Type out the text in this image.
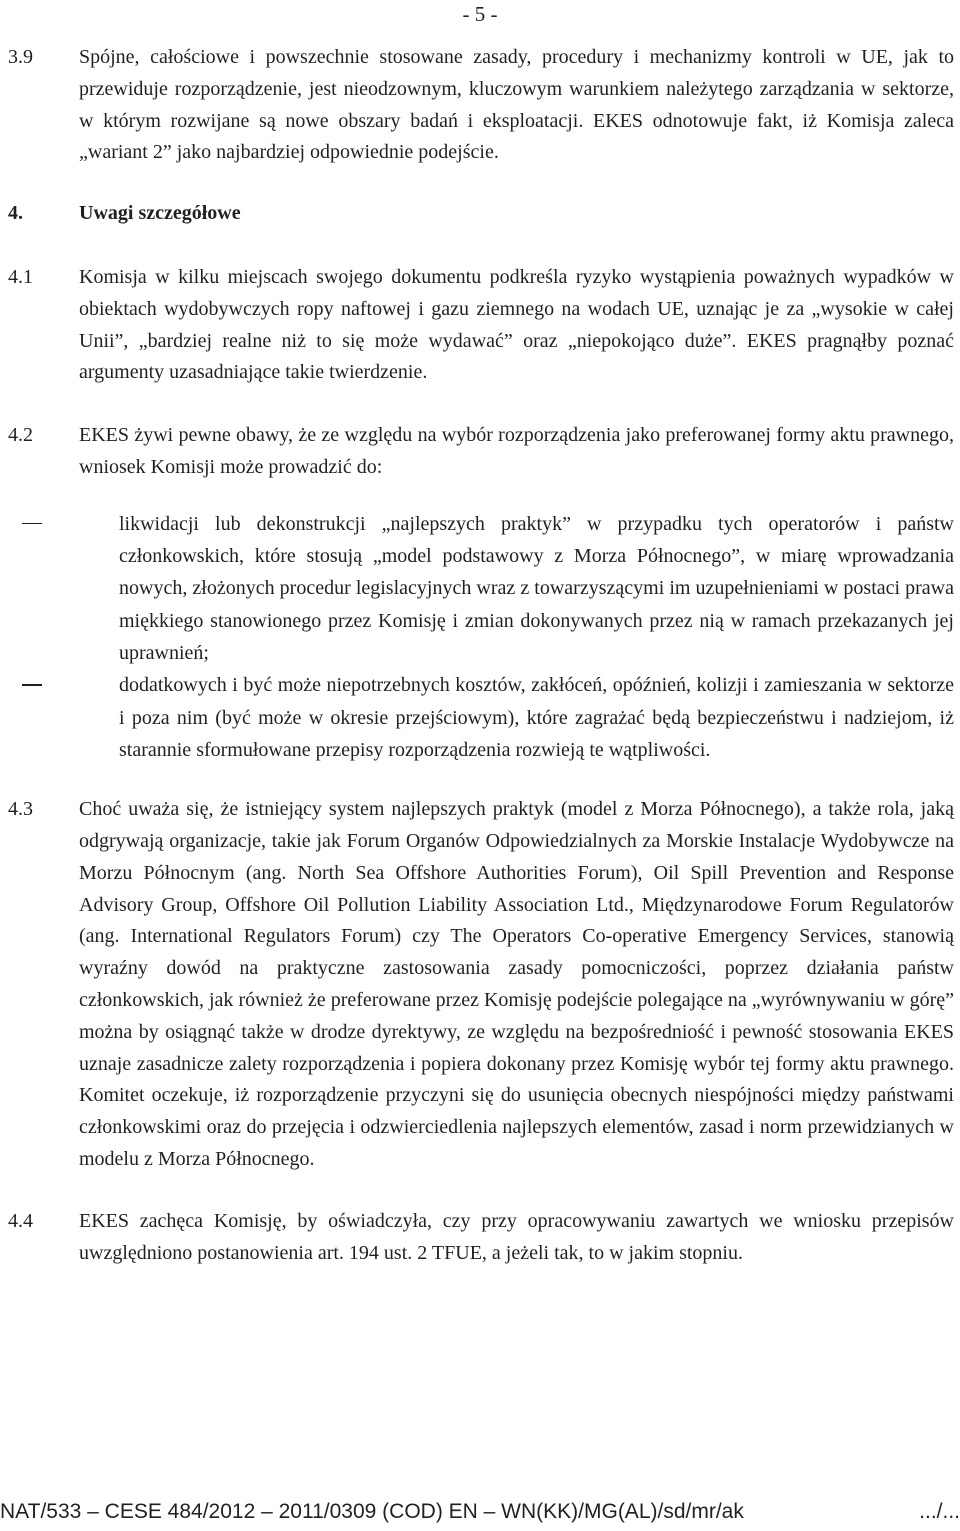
- 5 -

3.9 Spójne, całościowe i powszechnie stosowane zasady, procedury i mechanizmy kontroli w UE, jak to przewiduje rozporządzenie, jest nieodzownym, kluczowym warunkiem należytego zarządzania w sektorze, w którym rozwijane są nowe obszary badań i eksploatacji. EKES odnotowuje fakt, iż Komisja zaleca „wariant 2” jako najbardziej odpowiednie podejście.

4.	Uwagi szczegółowe

4.1 Komisja w kilku miejscach swojego dokumentu podkreśla ryzyko wystąpienia poważnych wypadków w obiektach wydobywczych ropy naftowej i gazu ziemnego na wodach UE, uznając je za „wysokie w całej Unii”, „bardziej realne niż to się może wydawać” oraz „niepokojąco duże”. EKES pragnąłby poznać argumenty uzasadniające takie twierdzenie.

4.2 EKES żywi pewne obawy, że ze względu na wybór rozporządzenia jako preferowanej formy aktu prawnego, wniosek Komisji może prowadzić do:

likwidacji lub dekonstrukcji „najlepszych praktyk” w przypadku tych operatorów i państw członkowskich, które stosują „model podstawowy z Morza Północnego”, w miarę wprowadzania nowych, złożonych procedur legislacyjnych wraz z towarzyszącymi im uzupełnieniami w postaci prawa miękkiego stanowionego przez Komisję i zmian dokonywanych przez nią w ramach przekazanych jej uprawnień;
dodatkowych i być może niepotrzebnych kosztów, zakłóceń, opóźnień, kolizji i zamieszania w sektorze i poza nim (być może w okresie przejściowym), które zagrażać będą bezpieczeństwu i nadziejom, iż starannie sformułowane przepisy rozporządzenia rozwieją te wątpliwości.

4.3 Choć uważa się, że istniejący system najlepszych praktyk (model z Morza Północnego), a także rola, jaką odgrywają organizacje, takie jak Forum Organów Odpowiedzialnych za Morskie Instalacje Wydobywcze na Morzu Północnym (ang. North Sea Offshore Authorities Forum), Oil Spill Prevention and Response Advisory Group, Offshore Oil Pollution Liability Association Ltd., Międzynarodowe Forum Regulatorów (ang. International Regulators Forum) czy The Operators Co-operative Emergency Services, stanowią wyraźny dowód na praktyczne zastosowania zasady pomocniczości, poprzez działania państw członkowskich, jak również że preferowane przez Komisję podejście polegające na „wyrównywaniu w górę” można by osiągnąć także w drodze dyrektywy, ze względu na bezpośredniość i pewność stosowania EKES uznaje zasadnicze zalety rozporządzenia i popiera dokonany przez Komisję wybór tej formy aktu prawnego. Komitet oczekuje, iż rozporządzenie przyczyni się do usunięcia obecnych niespójności między państwami członkowskimi oraz do przejęcia i odzwierciedlenia najlepszych elementów, zasad i norm przewidzianych w modelu z Morza Północnego.

4.4 EKES zachęca Komisję, by oświadczyła, czy przy opracowywaniu zawartych we wniosku przepisów uwzględniono postanowienia art. 194 ust. 2 TFUE, a jeżeli tak, to w jakim stopniu.

NAT/533 – CESE 484/2012 – 2011/0309 (COD) EN – WN(KK)/MG(AL)/sd/mr/ak	.../...
